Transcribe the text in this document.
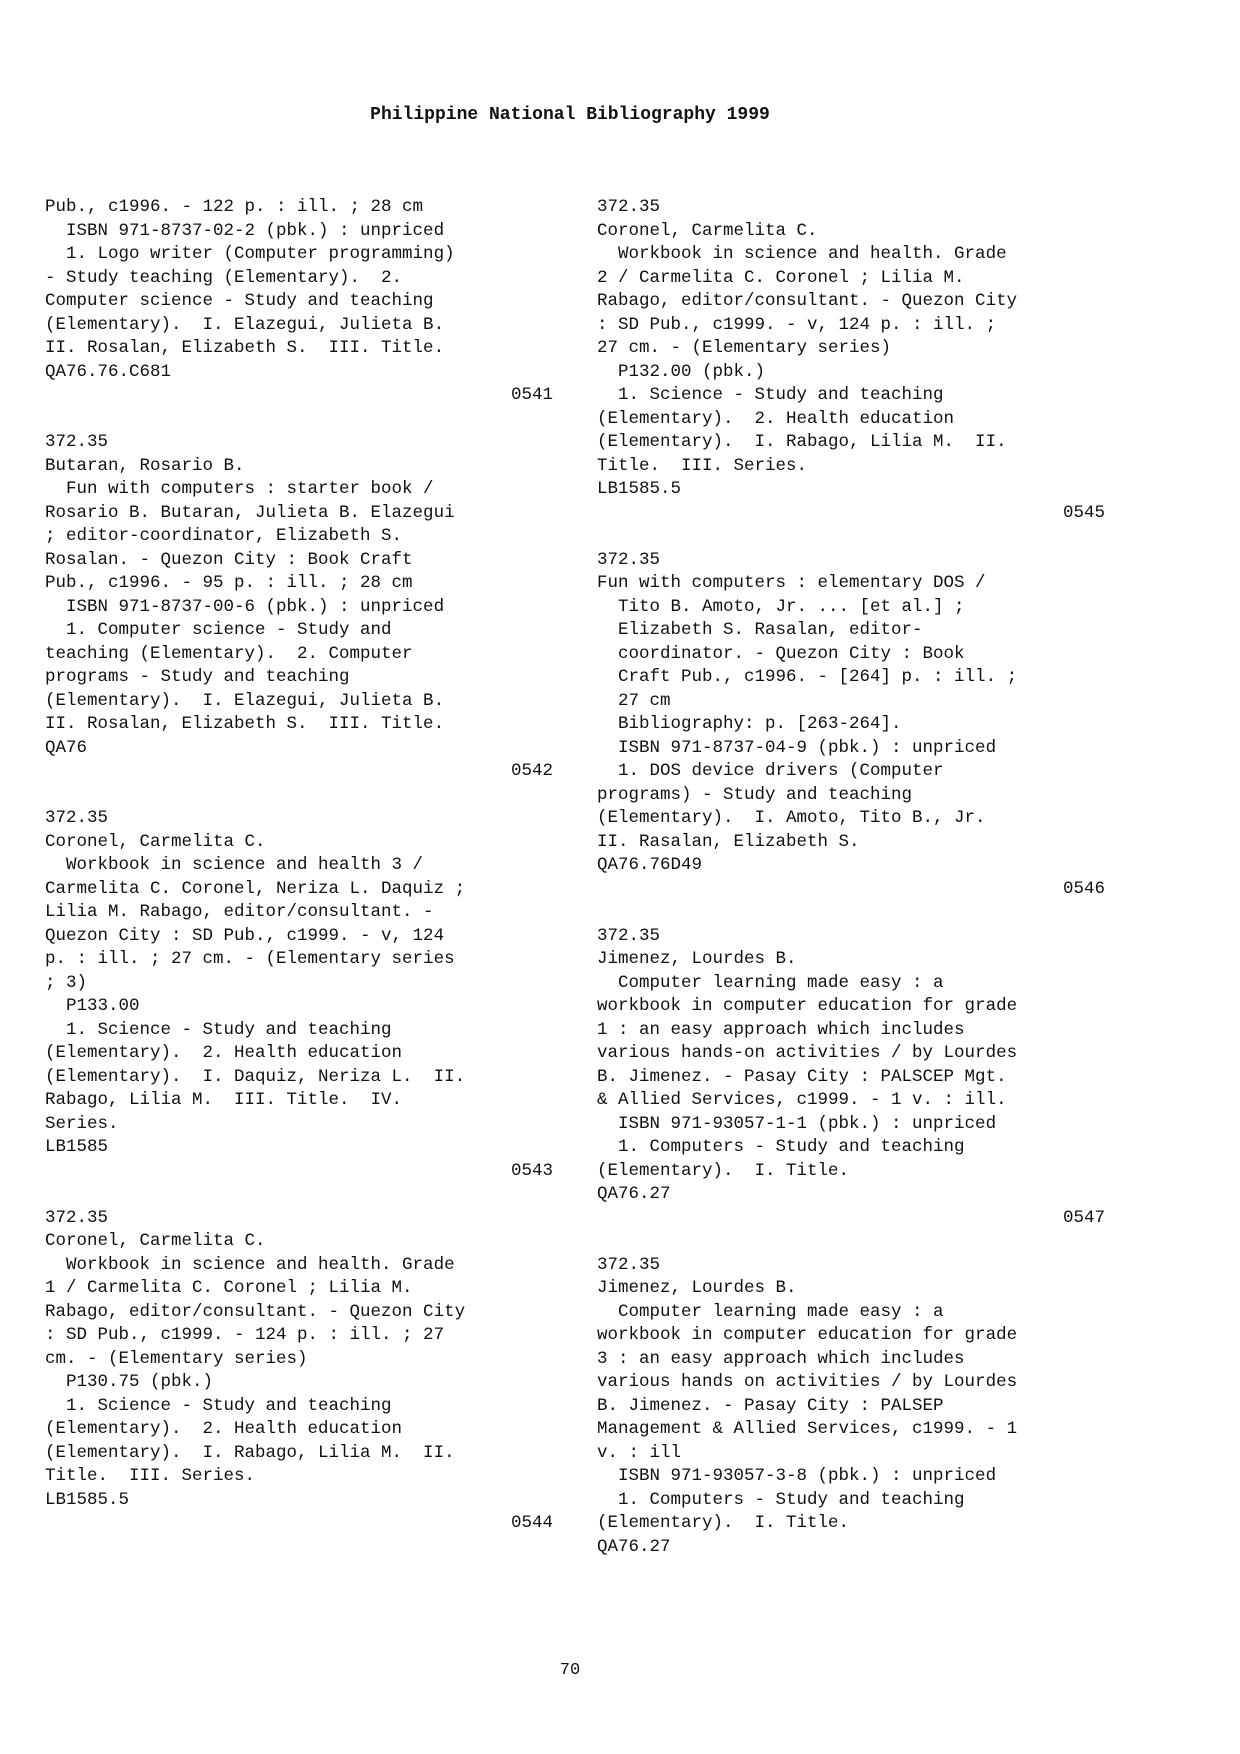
Philippine National Bibliography 1999
Pub., c1996. - 122 p. : ill. ; 28 cm
ISBN 971-8737-02-2 (pbk.) : unpriced
1. Logo writer (Computer programming)
- Study teaching (Elementary).  2.
Computer science - Study and teaching
(Elementary).  I. Elazegui, Julieta B.
II. Rosalan, Elizabeth S.  III. Title.
QA76.76.C681
0541
372.35
Butaran, Rosario B.
Fun with computers : starter book /
Rosario B. Butaran, Julieta B. Elazegui
; editor-coordinator, Elizabeth S.
Rosalan. - Quezon City : Book Craft
Pub., c1996. - 95 p. : ill. ; 28 cm
ISBN 971-8737-00-6 (pbk.) : unpriced
1. Computer science - Study and
teaching (Elementary).  2. Computer
programs - Study and teaching
(Elementary).  I. Elazegui, Julieta B.
II. Rosalan, Elizabeth S.  III. Title.
QA76
0542
372.35
Coronel, Carmelita C.
Workbook in science and health 3 /
Carmelita C. Coronel, Neriza L. Daquiz ;
Lilia M. Rabago, editor/consultant. -
Quezon City : SD Pub., c1999. - v, 124
p. : ill. ; 27 cm. - (Elementary series
; 3)
P133.00
1. Science - Study and teaching
(Elementary).  2. Health education
(Elementary).  I. Daquiz, Neriza L.  II.
Rabago, Lilia M.  III. Title.  IV.
Series.
LB1585
0543
372.35
Coronel, Carmelita C.
Workbook in science and health. Grade
1 / Carmelita C. Coronel ; Lilia M.
Rabago, editor/consultant. - Quezon City
: SD Pub., c1999. - 124 p. : ill. ; 27
cm. - (Elementary series)
P130.75 (pbk.)
1. Science - Study and teaching
(Elementary).  2. Health education
(Elementary).  I. Rabago, Lilia M.  II.
Title.  III. Series.
LB1585.5
0544
372.35
Coronel, Carmelita C.
Workbook in science and health. Grade
2 / Carmelita C. Coronel ; Lilia M.
Rabago, editor/consultant. - Quezon City
: SD Pub., c1999. - v, 124 p. : ill. ;
27 cm. - (Elementary series)
P132.00 (pbk.)
1. Science - Study and teaching
(Elementary).  2. Health education
(Elementary).  I. Rabago, Lilia M.  II.
Title.  III. Series.
LB1585.5
0545
372.35
Fun with computers : elementary DOS /
Tito B. Amoto, Jr. ... [et al.] ;
Elizabeth S. Rasalan, editor-
coordinator. - Quezon City : Book
Craft Pub., c1996. - [264] p. : ill. ;
27 cm
Bibliography: p. [263-264].
ISBN 971-8737-04-9 (pbk.) : unpriced
1. DOS device drivers (Computer
programs) - Study and teaching
(Elementary).  I. Amoto, Tito B., Jr.
II. Rasalan, Elizabeth S.
QA76.76D49
0546
372.35
Jimenez, Lourdes B.
Computer learning made easy : a
workbook in computer education for grade
1 : an easy approach which includes
various hands-on activities / by Lourdes
B. Jimenez. - Pasay City : PALSCEP Mgt.
& Allied Services, c1999. - 1 v. : ill.
ISBN 971-93057-1-1 (pbk.) : unpriced
1. Computers - Study and teaching
(Elementary).  I. Title.
QA76.27
0547
372.35
Jimenez, Lourdes B.
Computer learning made easy : a
workbook in computer education for grade
3 : an easy approach which includes
various hands on activities / by Lourdes
B. Jimenez. - Pasay City : PALSEP
Management & Allied Services, c1999. - 1
v. : ill
ISBN 971-93057-3-8 (pbk.) : unpriced
1. Computers - Study and teaching
(Elementary).  I. Title.
QA76.27
70
